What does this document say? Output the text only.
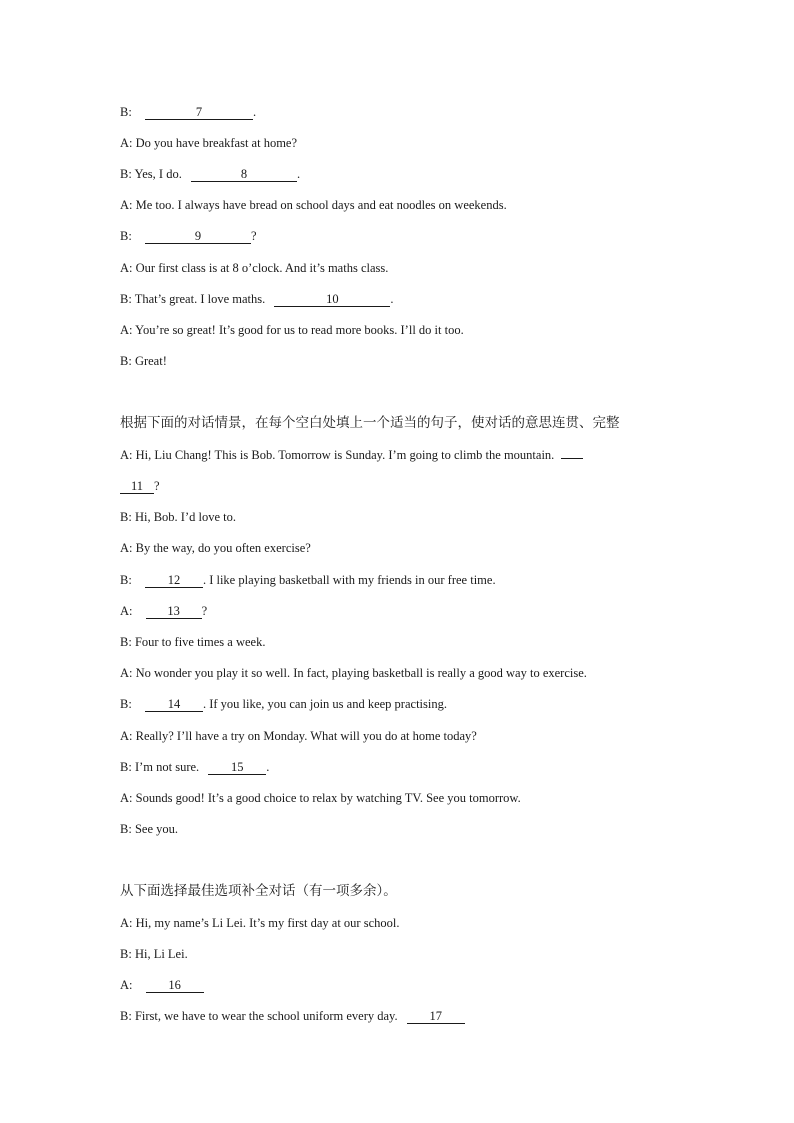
B:	7	.
A: Do you have breakfast at home?
B: Yes, I do.	8	.
A: Me too. I always have bread on school days and eat noodles on weekends.
B:	9	?
A: Our first class is at 8 o’clock. And it’s maths class.
B: That’s great. I love maths.	10	.
A: You’re so great! It’s good for us to read more books. I’ll do it too.
B: Great!
根据下面的对话情景，在每个空白处填上一个适当的句子，使对话的意思连贯、完整
A: Hi, Liu Chang! This is Bob. Tomorrow is Sunday. I’m going to climb the mountain.
11 ?
B: Hi, Bob. I’d love to.
A: By the way, do you often exercise?
B:	12 . I like playing basketball with my friends in our free time.
A:	13 ?
B: Four to five times a week.
A: No wonder you play it so well. In fact, playing basketball is really a good way to exercise.
B:	14 . If you like, you can join us and keep practising.
A: Really? I’ll have a try on Monday. What will you do at home today?
B: I’m not sure.	15 .
A: Sounds good! It’s a good choice to relax by watching TV. See you tomorrow.
B: See you.
从下面选择最佳选项补全对话（有一项多余）。
A: Hi, my name’s Li Lei. It’s my first day at our school.
B: Hi, Li Lei.
A:	16
B: First, we have to wear the school uniform every day.	17
